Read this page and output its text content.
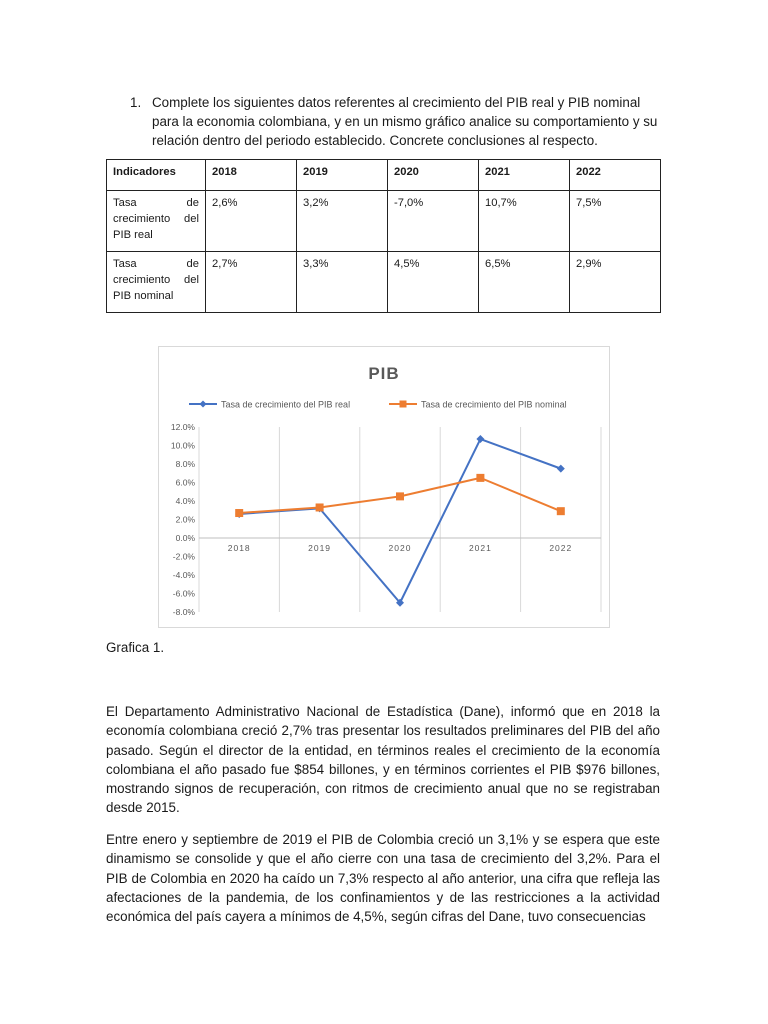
1. Complete los siguientes datos referentes al crecimiento del PIB real y PIB nominal para la economia colombiana, y en un mismo gráfico analice su comportamiento y su relación dentro del periodo establecido. Concrete conclusiones al respecto.
Indicadores	2018	2019	2020	2021	2022
Tasa de crecimiento del PIB real	2,6%	3,2%	-7,0%	10,7%	7,5%
Tasa de crecimiento del PIB nominal	2,7%	3,3%	4,5%	6,5%	2,9%
PIB
Tasa de crecimiento del PIB real	Tasa de crecimiento del PIB nominal
12.0%
10.0%
8.0%
6.0%
4.0%
2.0%
0.0%
-2.0%
-4.0%
-6.0%
-8.0%
2018	2019	2020	2021	2022
Grafica 1.

El Departamento Administrativo Nacional de Estadística (Dane), informó que en 2018 la economía colombiana creció 2,7% tras presentar los resultados preliminares del PIB del año pasado. Según el director de la entidad, en términos reales el crecimiento de la economía colombiana el año pasado fue $854 billones, y en términos corrientes el PIB $976 billones, mostrando signos de recuperación, con ritmos de crecimiento anual que no se registraban desde 2015.

Entre enero y septiembre de 2019 el PIB de Colombia creció un 3,1% y se espera que este dinamismo se consolide y que el año cierre con una tasa de crecimiento del 3,2%. Para el PIB de Colombia en 2020 ha caído un 7,3% respecto al año anterior, una cifra que refleja las afectaciones de la pandemia, de los confinamientos y de las restricciones a la actividad económica del país cayera a mínimos de 4,5%, según cifras del Dane, tuvo consecuencias
